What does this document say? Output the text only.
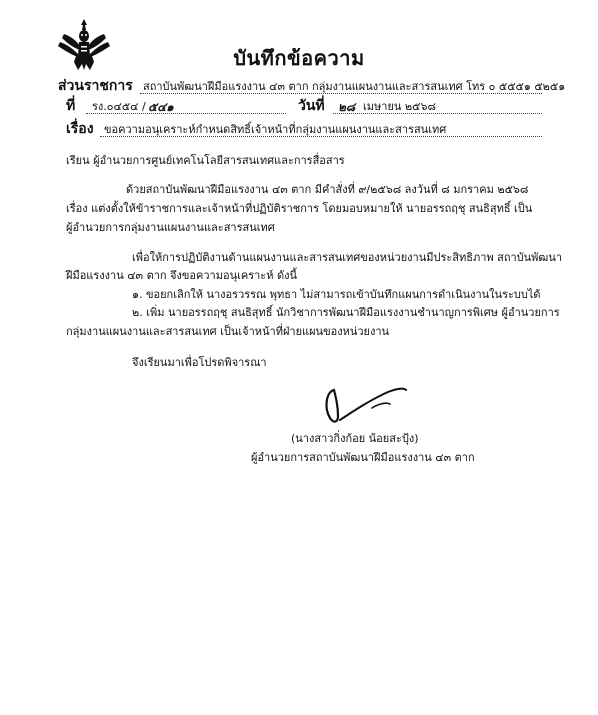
บันทึกข้อความ
ส่วนราชการ สถาบันพัฒนาฝีมือแรงงาน ๔๓ ตาก กลุ่มงานแผนงานและสารสนเทศ โทร ๐ ๕๕๕๑ ๕๒๕๑
ที่ รง.๐๔๕๔ / ๕๔๑	วันที่ ๒๘ เมษายน ๒๕๖๘
เรื่อง ขอความอนุเคราะห์กำหนดสิทธิ์เจ้าหน้าที่กลุ่มงานแผนงานและสารสนเทศ
เรียน ผู้อำนวยการศูนย์เทคโนโลยีสารสนเทศและการสื่อสาร
ด้วยสถาบันพัฒนาฝีมือแรงงาน ๔๓ ตาก มีคำสั่งที่ ๙/๒๕๖๘ ลงวันที่ ๘ มกราคม ๒๕๖๘
เรื่อง แต่งตั้งให้ข้าราชการและเจ้าหน้าที่ปฏิบัติราชการ โดยมอบหมายให้ นายอรรถฤชุ สนธิสุทธิ์ เป็น
ผู้อำนวยการกลุ่มงานแผนงานและสารสนเทศ
เพื่อให้การปฏิบัติงานด้านแผนงานและสารสนเทศของหน่วยงานมีประสิทธิภาพ สถาบันพัฒนา
ฝีมือแรงงาน ๔๓ ตาก จึงขอความอนุเคราะห์ ดังนี้
๑. ขอยกเลิกให้ นางอรวรรณ พุทธา ไม่สามารถเข้าบันทึกแผนการดำเนินงานในระบบได้
๒. เพิ่ม นายอรรถฤชุ สนธิสุทธิ์ นักวิชาการพัฒนาฝีมือแรงงานชำนาญการพิเศษ ผู้อำนวยการ
กลุ่มงานแผนงานและสารสนเทศ เป็นเจ้าหน้าที่ฝ่ายแผนของหน่วยงาน
จึงเรียนมาเพื่อโปรดพิจารณา
(นางสาวกิ่งก้อย น้อยสะปุ้ง)
ผู้อำนวยการสถาบันพัฒนาฝีมือแรงงาน ๔๓ ตาก
